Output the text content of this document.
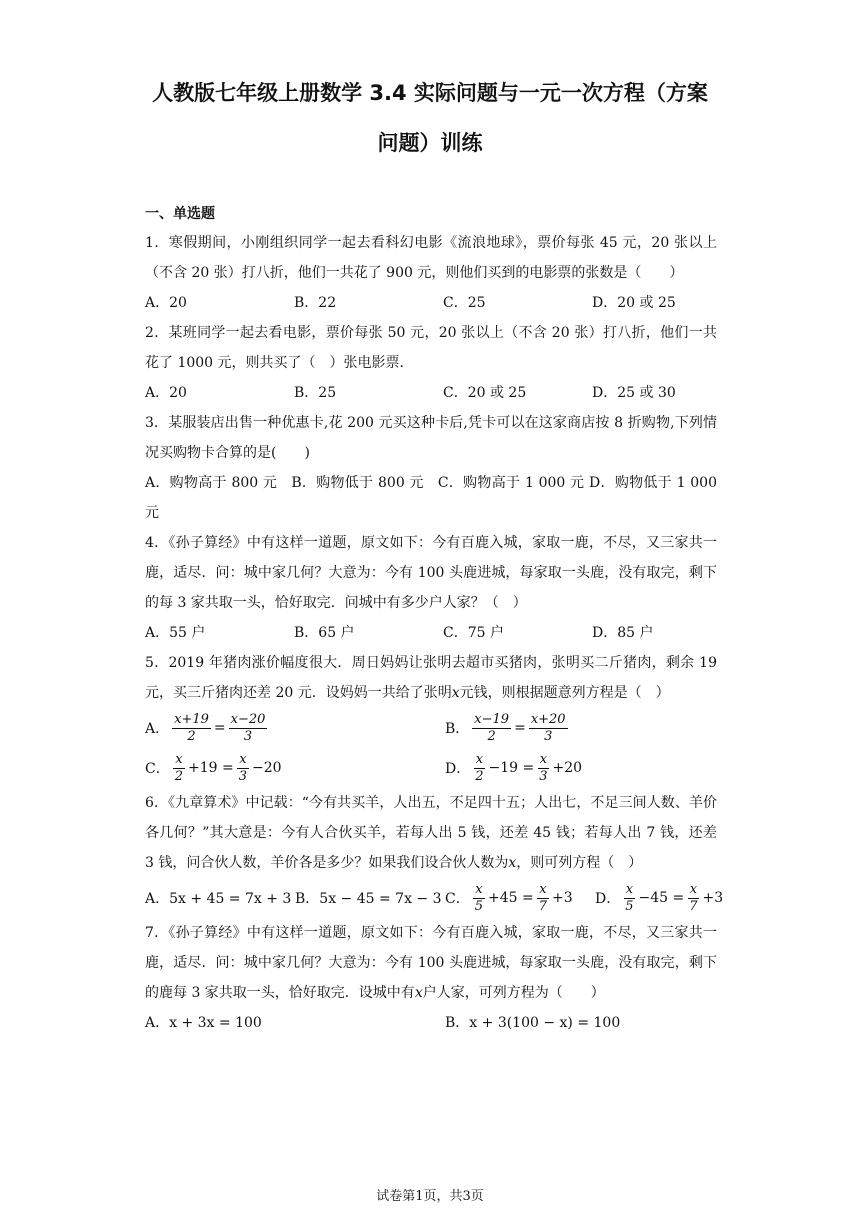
人教版七年级上册数学 3.4 实际问题与一元一次方程（方案
问题）训练
一、单选题

1．寒假期间，小刚组织同学一起去看科幻电影《流浪地球》，票价每张 45 元，20 张以上（不含 20 张）打八折，他们一共花了 900 元，则他们买到的电影票的张数是（　　）

A．20	B．22	C．25	D．20 或 25

2．某班同学一起去看电影，票价每张 50 元，20 张以上（不含 20 张）打八折，他们一共花了 1000 元，则共买了（　）张电影票．

A．20	B．25	C．20 或 25	D．25 或 30

3．某服装店出售一种优惠卡,花 200 元买这种卡后,凭卡可以在这家商店按 8 折购物,下列情况买购物卡合算的是(　　)

A．购物高于 800 元 B．购物低于 800 元 C．购物高于 1 000 元 D．购物低于 1 000 元

4．《孙子算经》中有这样一道题，原文如下：今有百鹿入城，家取一鹿，不尽，又三家共一鹿，适尽．问：城中家几何？大意为：今有 100 头鹿进城，每家取一头鹿，没有取完，剩下的每 3 家共取一头，恰好取完．问城中有多少户人家？（　）

A．55 户	B．65 户	C．75 户	D．85 户

5．2019 年猪肉涨价幅度很大．周日妈妈让张明去超市买猪肉，张明买二斤猪肉，剩余 19 元，买三斤猪肉还差 20 元．设妈妈一共给了张明x元钱，则根据题意列方程是（　）

A． $\frac{x+19}{2} = \frac{x-20}{3}$	B． $\frac{x-19}{2} = \frac{x+20}{3}$
C． $\frac{x}{2} +19 = \frac{x}{3} -20$	D． $\frac{x}{2} -19 = \frac{x}{3} +20$

6．《九章算术》中记载：“今有共买羊，人出五，不足四十五；人出七，不足三间人数、羊价各几何？”其大意是：今有人合伙买羊，若每人出 5 钱，还差 45 钱；若每人出 7 钱，还差 3 钱，问合伙人数，羊价各是多少？如果我们设合伙人数为x，则可列方程（　）

A．5x + 45 = 7x + 3 B．5x − 45 = 7x − 3 C． $\frac{x}{5} +45 = \frac{x}{7} +3$ D． $\frac{x}{5} -45 = \frac{x}{7} +3$

7．《孙子算经》中有这样一道题，原文如下：今有百鹿入城，家取一鹿，不尽，又三家共一鹿，适尽．问：城中家几何？大意为：今有 100 头鹿进城，每家取一头鹿，没有取完，剩下的鹿每 3 家共取一头，恰好取完．设城中有x户人家，可列方程为（　　）

A．x + 3x = 100	B．x + 3(100 − x) = 100
试卷第1页，共3页
